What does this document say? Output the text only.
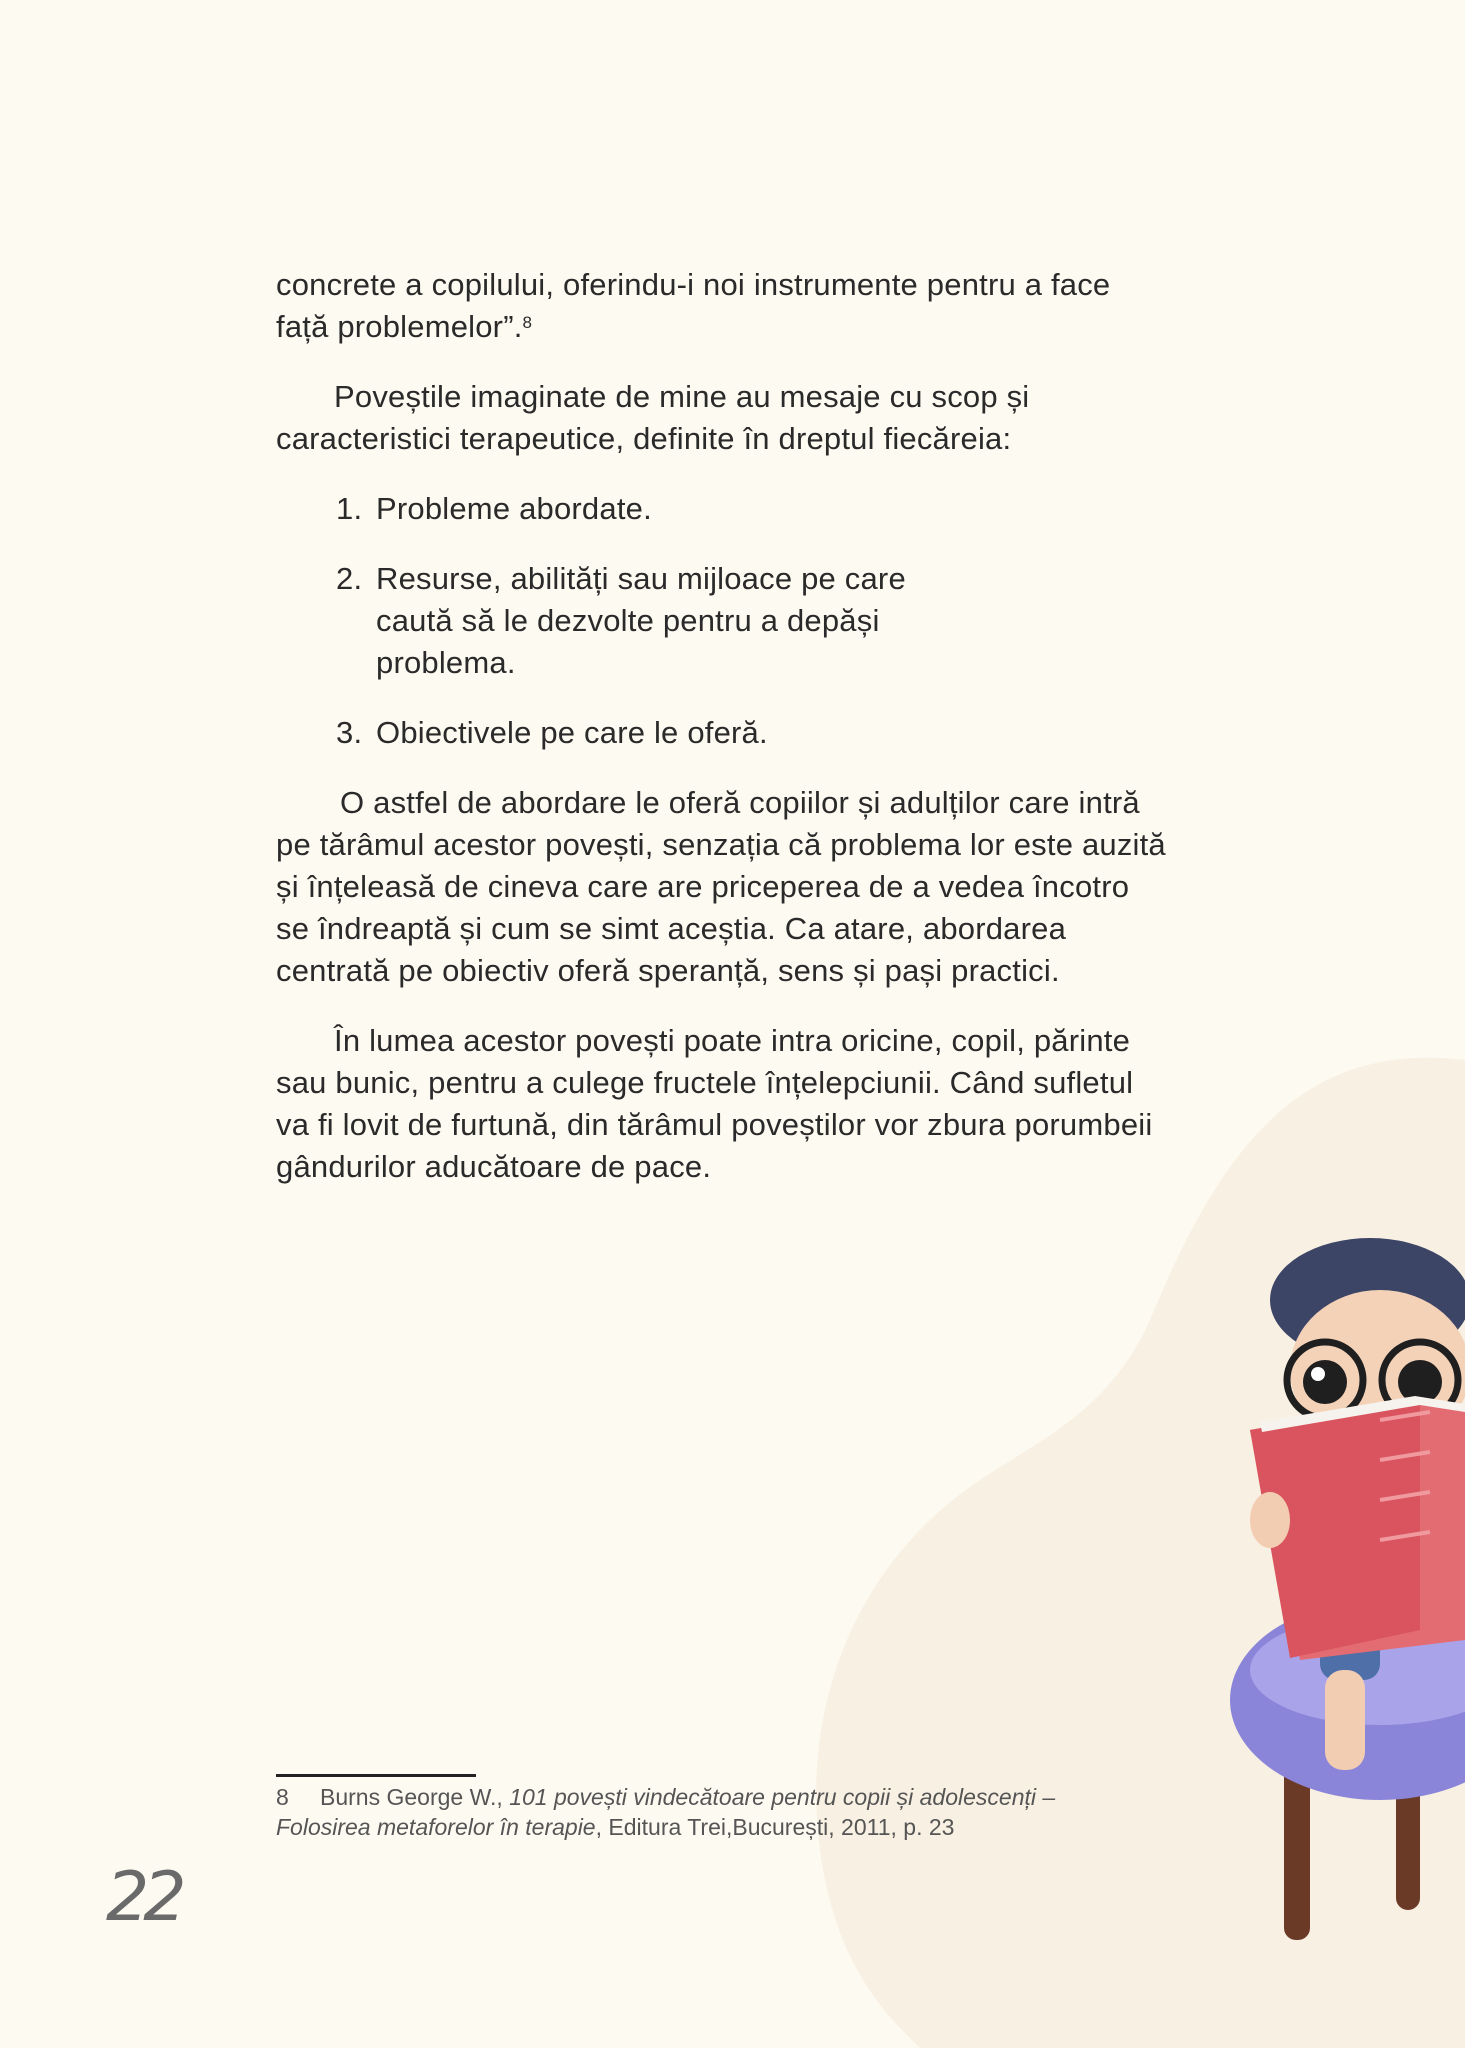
concrete a copilului, oferindu-i noi instrumente pentru a face față problemelor”.$^8$

Poveștile imaginate de mine au mesaje cu scop și caracteristici terapeutice, definite în dreptul fiecăreia:

1. Probleme abordate.
2. Resurse, abilități sau mijloace pe care caută să le dezvolte pentru a depăși problema.
3. Obiectivele pe care le oferă.

O astfel de abordare le oferă copiilor și adulților care intră pe tărâmul acestor povești, senzația că problema lor este auzită și înțeleasă de cineva care are priceperea de a vedea încotro se îndreaptă și cum se simt aceștia. Ca atare, abordarea centrată pe obiectiv oferă speranță, sens și pași practici.

În lumea acestor povești poate intra oricine, copil, părinte sau bunic, pentru a culege fructele înțelepciunii. Când sufletul va fi lovit de furtună, din tărâmul poveștilor vor zbura porumbeii gândurilor aducătoare de pace.

8 Burns George W., 101 povești vindecătoare pentru copii și adolescenți – Folosirea metaforelor în terapie, Editura Trei,București, 2011, p. 23
22
